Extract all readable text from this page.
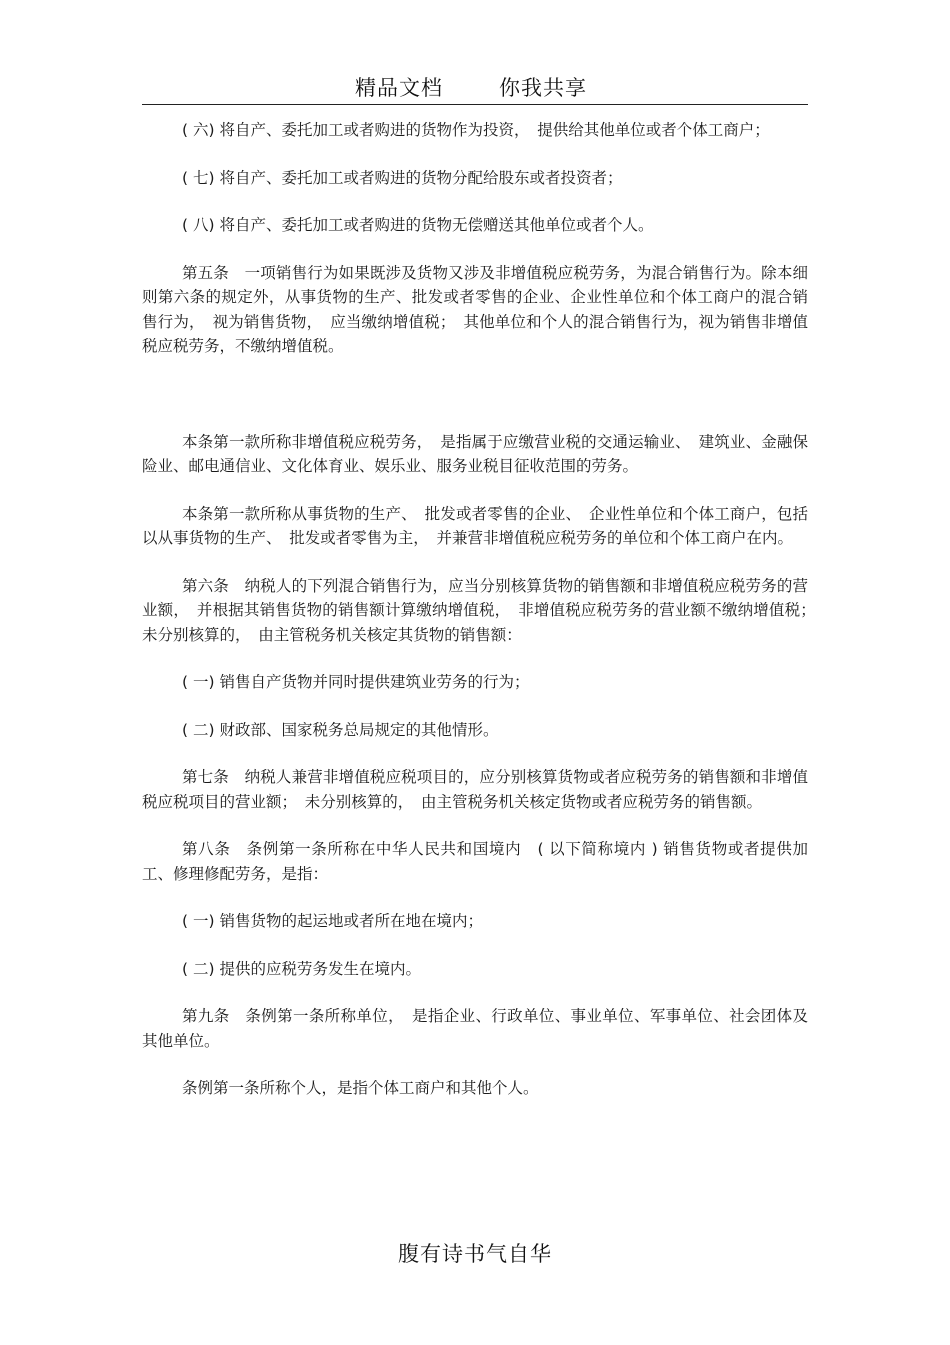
精品文档	你我共享

( 六) 将自产、委托加工或者购进的货物作为投资，　提供给其他单位或者个体工商户；

( 七) 将自产、委托加工或者购进的货物分配给股东或者投资者；

( 八) 将自产、委托加工或者购进的货物无偿赠送其他单位或者个人。

第五条　一项销售行为如果既涉及货物又涉及非增值税应税劳务，为混合销售行为。除本细则第六条的规定外，从事货物的生产、批发或者零售的企业、企业性单位和个体工商户的混合销售行为，　视为销售货物，　应当缴纳增值税；　其他单位和个人的混合销售行为，视为销售非增值税应税劳务，不缴纳增值税。

本条第一款所称非增值税应税劳务，　是指属于应缴营业税的交通运输业、　建筑业、金融保险业、邮电通信业、文化体育业、娱乐业、服务业税目征收范围的劳务。

本条第一款所称从事货物的生产、　批发或者零售的企业、　企业性单位和个体工商户，包括以从事货物的生产、　批发或者零售为主，　并兼营非增值税应税劳务的单位和个体工商户在内。

第六条　纳税人的下列混合销售行为，应当分别核算货物的销售额和非增值税应税劳务的营业额，　并根据其销售货物的销售额计算缴纳增值税，　非增值税应税劳务的营业额不缴纳增值税；　未分别核算的，　由主管税务机关核定其货物的销售额：

( 一) 销售自产货物并同时提供建筑业劳务的行为；

( 二) 财政部、国家税务总局规定的其他情形。

第七条　纳税人兼营非增值税应税项目的，应分别核算货物或者应税劳务的销售额和非增值税应税项目的营业额；　未分别核算的，　由主管税务机关核定货物或者应税劳务的销售额。

第八条　条例第一条所称在中华人民共和国境内　( 以下简称境内 ) 销售货物或者提供加工、修理修配劳务，是指：

( 一) 销售货物的起运地或者所在地在境内；

( 二) 提供的应税劳务发生在境内。

第九条　条例第一条所称单位，　是指企业、行政单位、事业单位、军事单位、社会团体及其他单位。

条例第一条所称个人，是指个体工商户和其他个人。

腹有诗书气自华
